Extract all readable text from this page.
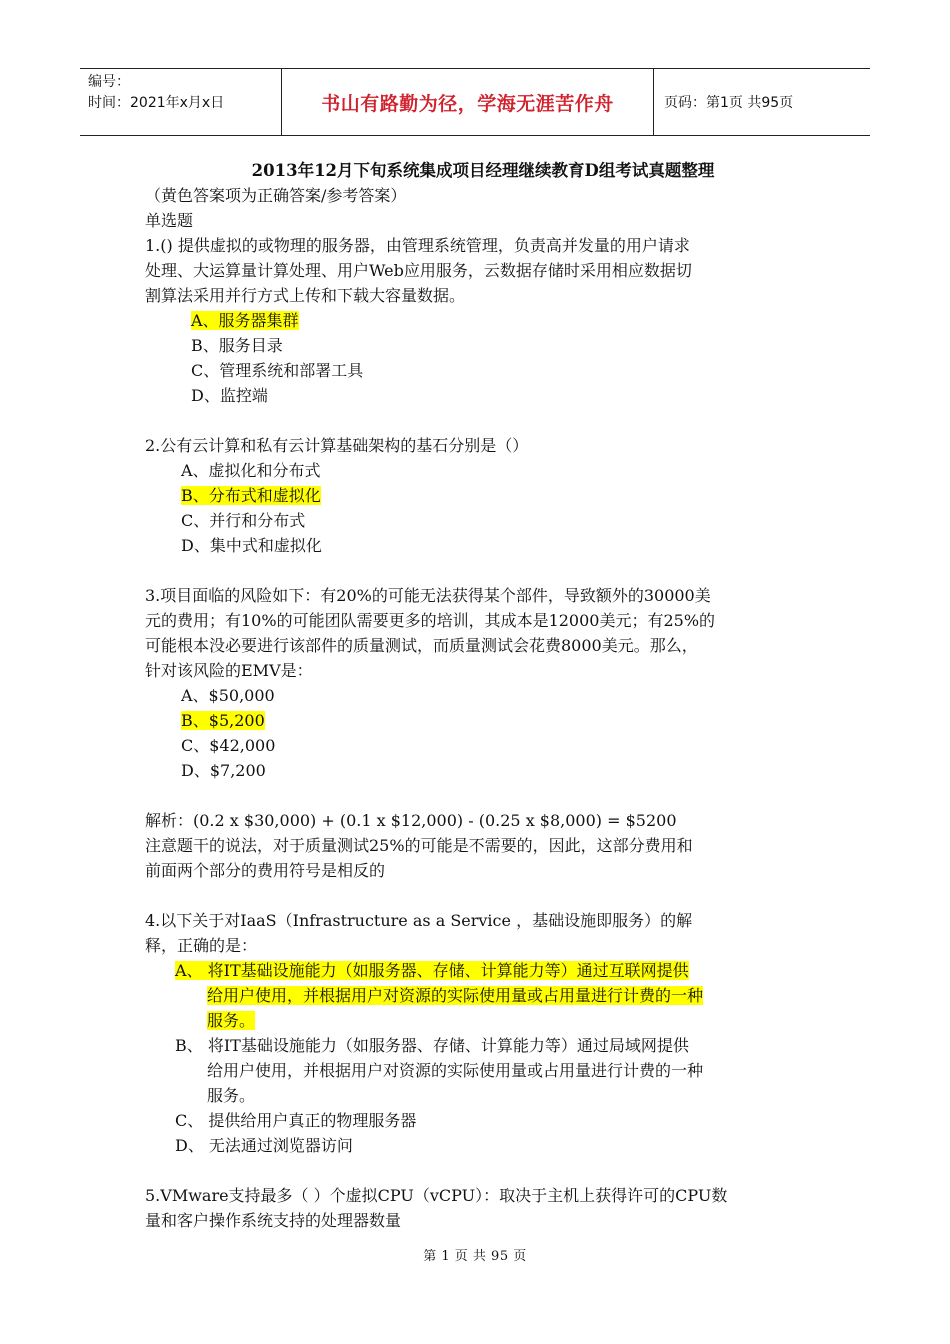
编号：
时间：2021年x月x日	书山有路勤为径，学海无涯苦作舟	页码：第1页 共95页
2013年12月下旬系统集成项目经理继续教育D组考试真题整理
（黄色答案项为正确答案/参考答案）
单选题
1.() 提供虚拟的或物理的服务器，由管理系统管理，负责高并发量的用户请求
处理、大运算量计算处理、用户Web应用服务，云数据存储时采用相应数据切
割算法采用并行方式上传和下载大容量数据。
A、服务器集群
B、服务目录
C、管理系统和部署工具
D、监控端
2.公有云计算和私有云计算基础架构的基石分别是（）
A、虚拟化和分布式
B、分布式和虚拟化
C、并行和分布式
D、集中式和虚拟化
3.项目面临的风险如下：有20%的可能无法获得某个部件，导致额外的30000美
元的费用；有10%的可能团队需要更多的培训，其成本是12000美元；有25%的
可能根本没必要进行该部件的质量测试，而质量测试会花费8000美元。那么，
针对该风险的EMV是：
A、$50,000
B、$5,200
C、$42,000
D、$7,200
解析：(0.2 x $30,000) + (0.1 x $12,000) - (0.25 x $8,000) = $5200
注意题干的说法，对于质量测试25%的可能是不需要的，因此，这部分费用和
前面两个部分的费用符号是相反的
4.以下关于对IaaS（Infrastructure as a Service ，基础设施即服务）的解
释，正确的是：
A、 将IT基础设施能力（如服务器、存储、计算能力等）通过互联网提供
给用户使用，并根据用户对资源的实际使用量或占用量进行计费的一种
服务。
B、 将IT基础设施能力（如服务器、存储、计算能力等）通过局域网提供
给用户使用，并根据用户对资源的实际使用量或占用量进行计费的一种
服务。
C、 提供给用户真正的物理服务器
D、 无法通过浏览器访问
5.VMware支持最多（ ）个虚拟CPU（vCPU）：取决于主机上获得许可的CPU数
量和客户操作系统支持的处理器数量
第 1 页 共 95 页
